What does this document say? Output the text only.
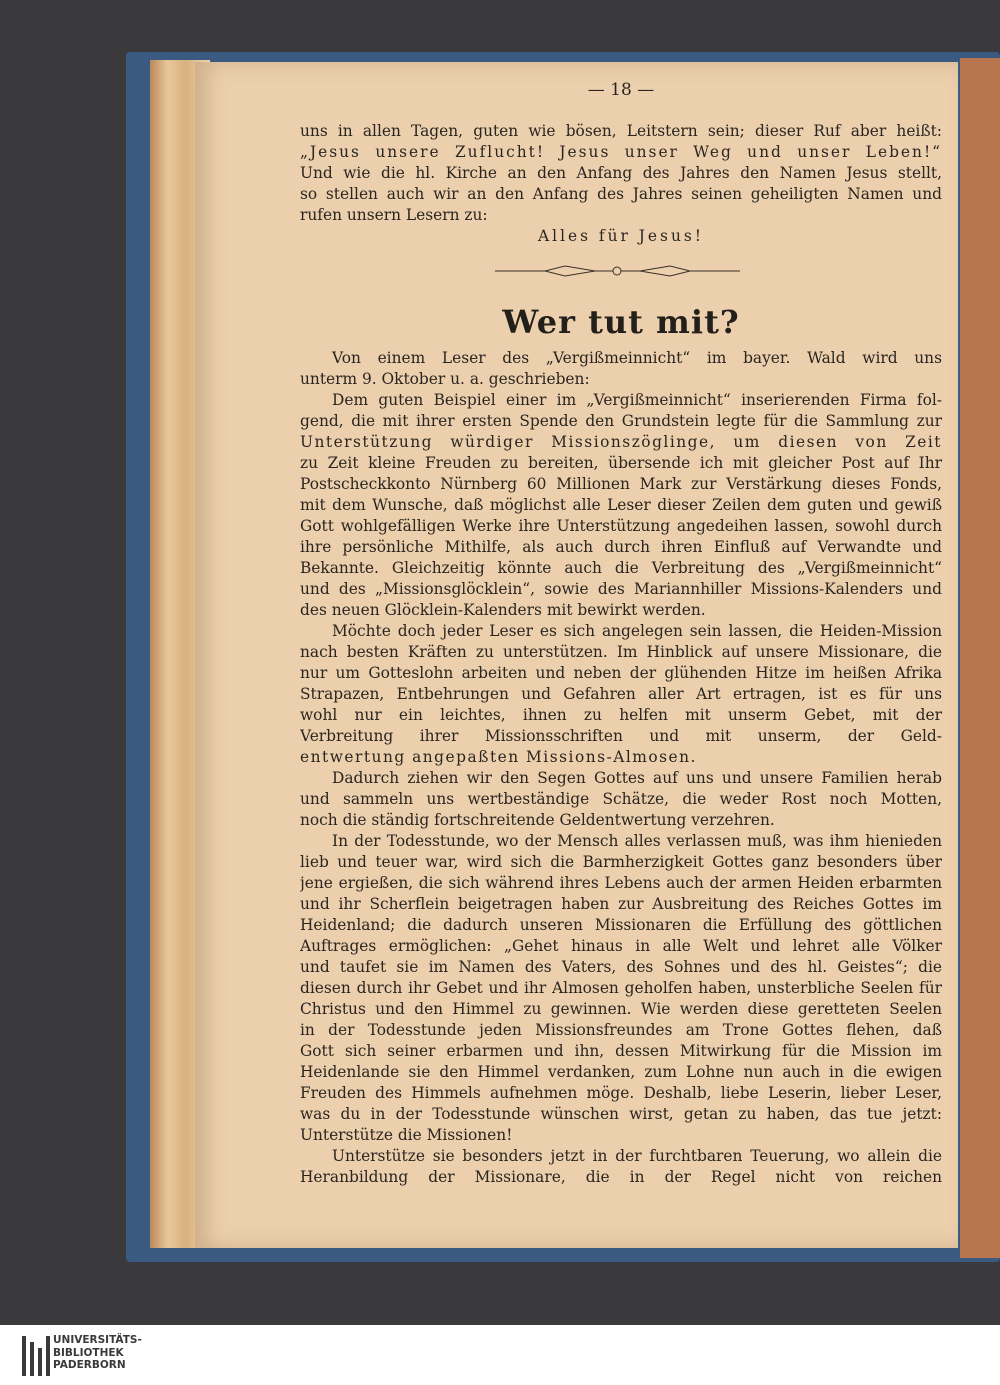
— 18 —
uns in allen Tagen, guten wie bösen, Leitstern sein; dieser Ruf aber heißt:
„Jesus unsere Zuflucht! Jesus unser Weg und unser Leben!“
Und wie die hl. Kirche an den Anfang des Jahres den Namen Jesus stellt,
so stellen auch wir an den Anfang des Jahres seinen geheiligten Namen und
rufen unsern Lesern zu:
Alles für Jesus!
Wer tut mit?
Von einem Leser des „Vergißmeinnicht“ im bayer. Wald wird uns
unterm 9. Oktober u. a. geschrieben:
Dem guten Beispiel einer im „Vergißmeinnicht“ inserierenden Firma fol-
gend, die mit ihrer ersten Spende den Grundstein legte für die Sammlung zur
Unterstützung würdiger Missionszöglinge, um diesen von Zeit
zu Zeit kleine Freuden zu bereiten, übersende ich mit gleicher Post auf Ihr
Postscheckkonto Nürnberg 60 Millionen Mark zur Verstärkung dieses Fonds,
mit dem Wunsche, daß möglichst alle Leser dieser Zeilen dem guten und gewiß
Gott wohlgefälligen Werke ihre Unterstützung angedeihen lassen, sowohl durch
ihre persönliche Mithilfe, als auch durch ihren Einfluß auf Verwandte und
Bekannte. Gleichzeitig könnte auch die Verbreitung des „Vergißmeinnicht“
und des „Missionsglöcklein“, sowie des Mariannhiller Missions-Kalenders und
des neuen Glöcklein-Kalenders mit bewirkt werden.
Möchte doch jeder Leser es sich angelegen sein lassen, die Heiden-Mission
nach besten Kräften zu unterstützen. Im Hinblick auf unsere Missionare, die
nur um Gotteslohn arbeiten und neben der glühenden Hitze im heißen Afrika
Strapazen, Entbehrungen und Gefahren aller Art ertragen, ist es für uns
wohl nur ein leichtes, ihnen zu helfen mit unserm Gebet, mit der
Verbreitung ihrer Missionsschriften und mit unserm, der Geld-
entwertung angepaßten Missions-Almosen.
Dadurch ziehen wir den Segen Gottes auf uns und unsere Familien herab
und sammeln uns wertbeständige Schätze, die weder Rost noch Motten,
noch die ständig fortschreitende Geldentwertung verzehren.
In der Todesstunde, wo der Mensch alles verlassen muß, was ihm hienieden
lieb und teuer war, wird sich die Barmherzigkeit Gottes ganz besonders über
jene ergießen, die sich während ihres Lebens auch der armen Heiden erbarmten
und ihr Scherflein beigetragen haben zur Ausbreitung des Reiches Gottes im
Heidenland; die dadurch unseren Missionaren die Erfüllung des göttlichen
Auftrages ermöglichen: „Gehet hinaus in alle Welt und lehret alle Völker
und taufet sie im Namen des Vaters, des Sohnes und des hl. Geistes“; die
diesen durch ihr Gebet und ihr Almosen geholfen haben, unsterbliche Seelen für
Christus und den Himmel zu gewinnen. Wie werden diese geretteten Seelen
in der Todesstunde jeden Missionsfreundes am Trone Gottes flehen, daß
Gott sich seiner erbarmen und ihn, dessen Mitwirkung für die Mission im
Heidenlande sie den Himmel verdanken, zum Lohne nun auch in die ewigen
Freuden des Himmels aufnehmen möge. Deshalb, liebe Leserin, lieber Leser,
was du in der Todesstunde wünschen wirst, getan zu haben, das tue jetzt:
Unterstütze die Missionen!
Unterstütze sie besonders jetzt in der furchtbaren Teuerung, wo allein die
Heranbildung der Missionare, die in der Regel nicht von reichen
UNIVERSITÄTS-
BIBLIOTHEK
PADERBORN
